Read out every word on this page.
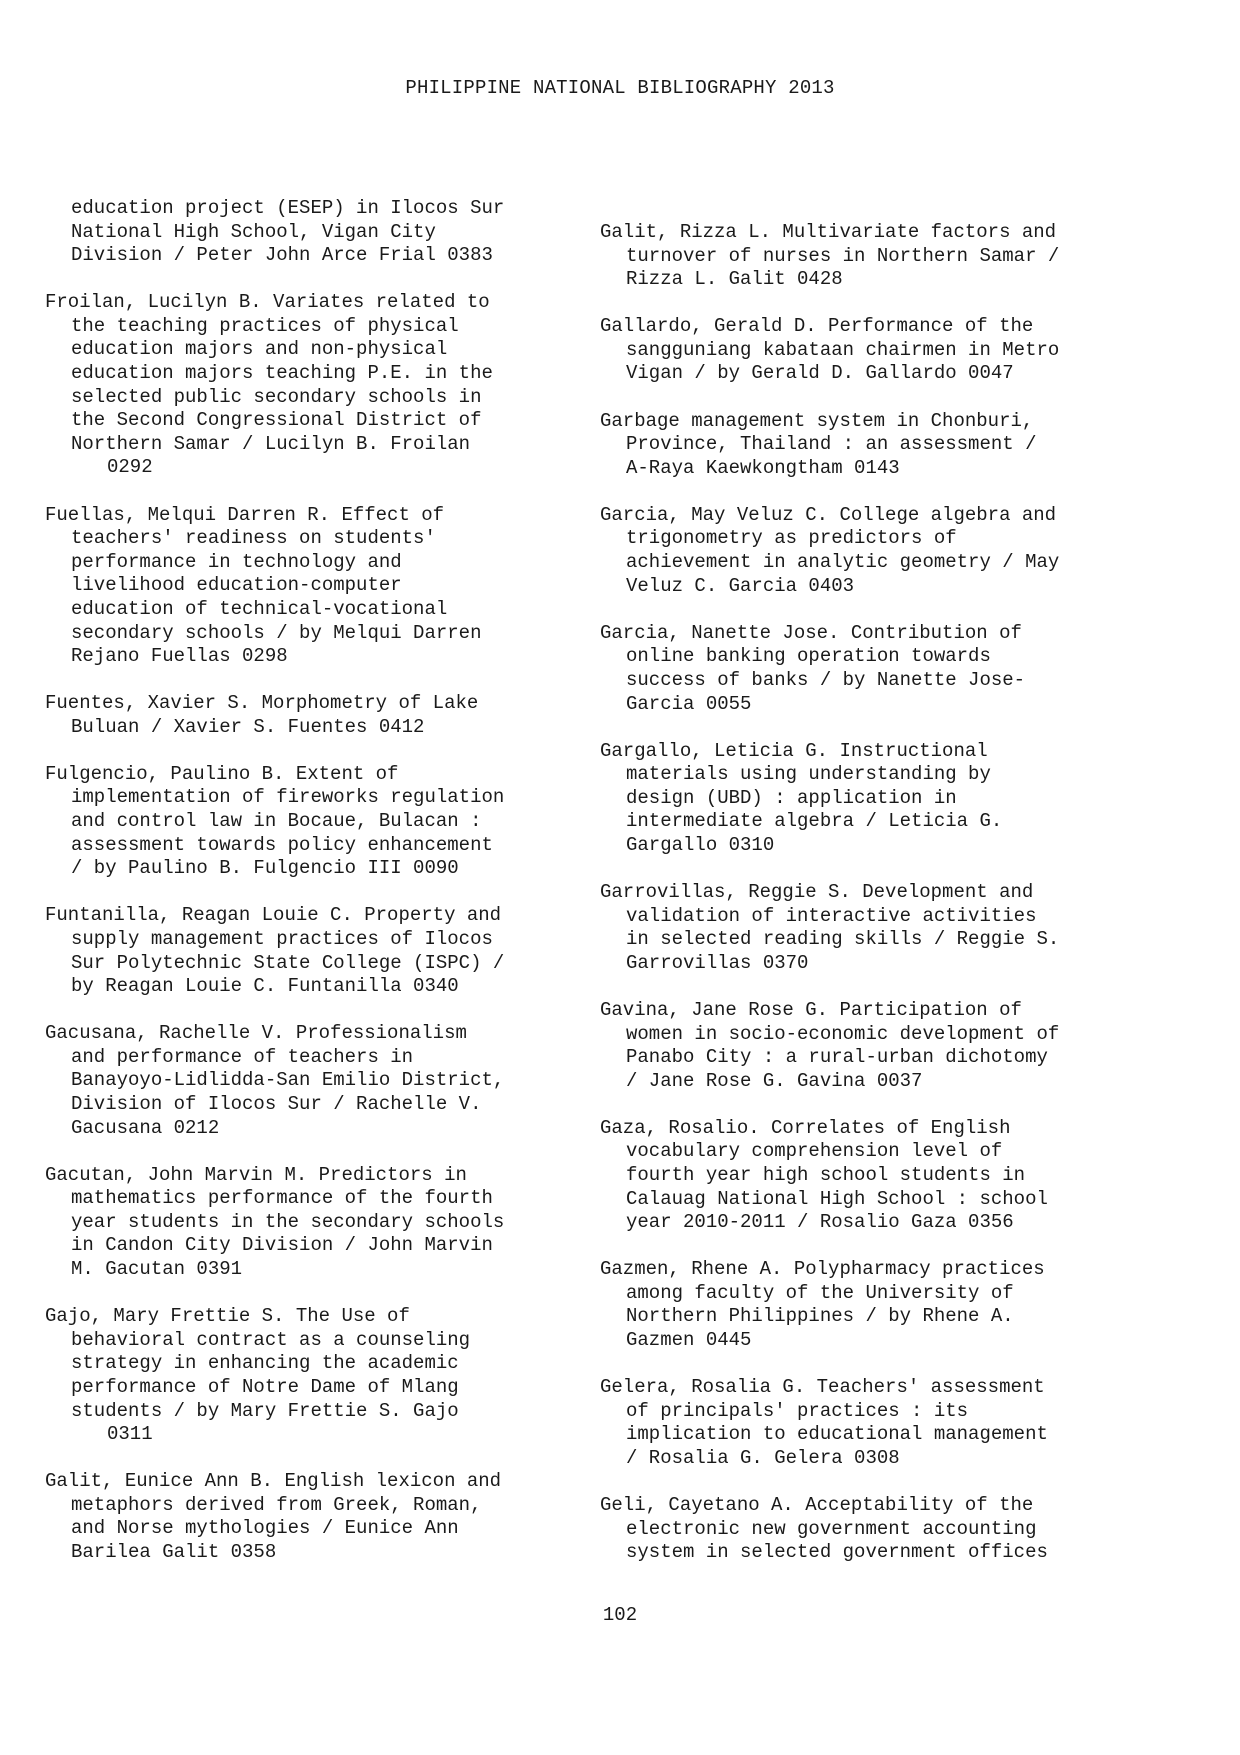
PHILIPPINE NATIONAL BIBLIOGRAPHY 2013
education project (ESEP) in Ilocos Sur
National High School, Vigan City
Division / Peter John Arce Frial 0383
Froilan, Lucilyn B. Variates related to
the teaching practices of physical
education majors and non-physical
education majors teaching P.E. in the
selected public secondary schools in
the Second Congressional District of
Northern Samar / Lucilyn B. Froilan
0292
Fuellas, Melqui Darren R. Effect of
teachers' readiness on students'
performance in technology and
livelihood education-computer
education of technical-vocational
secondary schools / by Melqui Darren
Rejano Fuellas 0298
Fuentes, Xavier S. Morphometry of Lake
Buluan / Xavier S. Fuentes 0412
Fulgencio, Paulino B. Extent of
implementation of fireworks regulation
and control law in Bocaue, Bulacan :
assessment towards policy enhancement
/ by Paulino B. Fulgencio III 0090
Funtanilla, Reagan Louie C. Property and
supply management practices of Ilocos
Sur Polytechnic State College (ISPC) /
by Reagan Louie C. Funtanilla 0340
Gacusana, Rachelle V. Professionalism
and performance of teachers in
Banayoyo-Lidlidda-San Emilio District,
Division of Ilocos Sur / Rachelle V.
Gacusana 0212
Gacutan, John Marvin M. Predictors in
mathematics performance of the fourth
year students in the secondary schools
in Candon City Division / John Marvin
M. Gacutan 0391
Gajo, Mary Frettie S. The Use of
behavioral contract as a counseling
strategy in enhancing the academic
performance of Notre Dame of Mlang
students / by Mary Frettie S. Gajo
0311
Galit, Eunice Ann B. English lexicon and
metaphors derived from Greek, Roman,
and Norse mythologies / Eunice Ann
Barilea Galit 0358
Galit, Rizza L. Multivariate factors and
turnover of nurses in Northern Samar /
Rizza L. Galit 0428
Gallardo, Gerald D. Performance of the
sangguniang kabataan chairmen in Metro
Vigan / by Gerald D. Gallardo 0047
Garbage management system in Chonburi,
Province, Thailand : an assessment /
A-Raya Kaewkongtham 0143
Garcia, May Veluz C. College algebra and
trigonometry as predictors of
achievement in analytic geometry / May
Veluz C. Garcia 0403
Garcia, Nanette Jose. Contribution of
online banking operation towards
success of banks / by Nanette Jose-
Garcia 0055
Gargallo, Leticia G. Instructional
materials using understanding by
design (UBD) : application in
intermediate algebra / Leticia G.
Gargallo 0310
Garrovillas, Reggie S. Development and
validation of interactive activities
in selected reading skills / Reggie S.
Garrovillas 0370
Gavina, Jane Rose G. Participation of
women in socio-economic development of
Panabo City : a rural-urban dichotomy
/ Jane Rose G. Gavina 0037
Gaza, Rosalio. Correlates of English
vocabulary comprehension level of
fourth year high school students in
Calauag National High School : school
year 2010-2011 / Rosalio Gaza 0356
Gazmen, Rhene A. Polypharmacy practices
among faculty of the University of
Northern Philippines / by Rhene A.
Gazmen 0445
Gelera, Rosalia G. Teachers' assessment
of principals' practices : its
implication to educational management
/ Rosalia G. Gelera 0308
Geli, Cayetano A. Acceptability of the
electronic new government accounting
system in selected government offices
102
